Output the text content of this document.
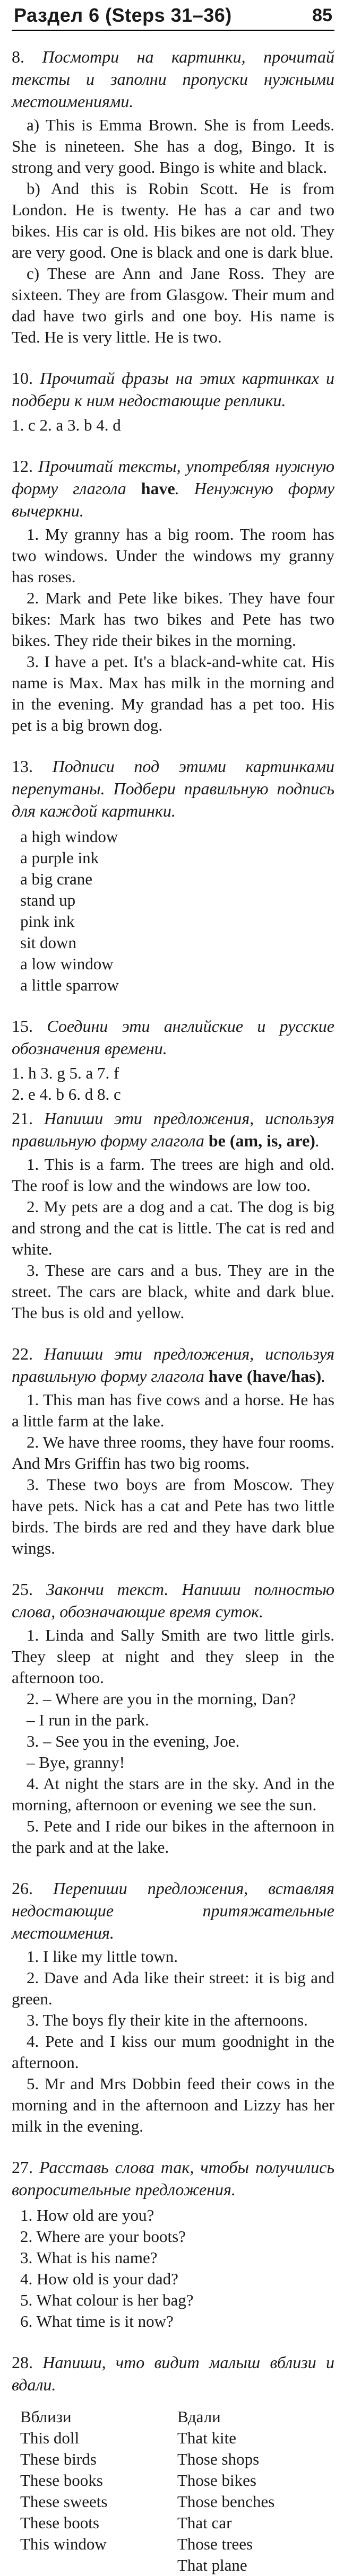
Раздел 6 (Steps 31–36)	85

8. Посмотри на картинки, прочитай тексты и заполни пропуски нужными местоимениями.

a) This is Emma Brown. She is from Leeds. She is nineteen. She has a dog, Bingo. It is strong and very good. Bingo is white and black.

b) And this is Robin Scott. He is from London. He is twenty. He has a car and two bikes. His car is old. His bikes are not old. They are very good. One is black and one is dark blue.

c) These are Ann and Jane Ross. They are sixteen. They are from Glasgow. Their mum and dad have two girls and one boy. His name is Ted. He is very little. He is two.

10. Прочитай фразы на этих картинках и подбери к ним недостающие реплики.

1. c 2. a 3. b 4. d

12. Прочитай тексты, употребляя нужную форму глагола have. Ненужную форму вычеркни.

1. My granny has a big room. The room has two windows. Under the windows my granny has roses.

2. Mark and Pete like bikes. They have four bikes: Mark has two bikes and Pete has two bikes. They ride their bikes in the morning.

3. I have a pet. It's a black-and-white cat. His name is Max. Max has milk in the morning and in the evening. My grandad has a pet too. His pet is a big brown dog.

13. Подписи под этими картинками перепутаны. Подбери правильную подпись для каждой картинки.

a high window
a purple ink
a big crane
stand up
pink ink
sit down
a low window
a little sparrow

15. Соедини эти английские и русские обозначения времени.

1. h 3. g 5. a 7. f

2. e 4. b 6. d 8. c

21. Напиши эти предложения, используя правильную форму глагола be (am, is, are).

1. This is a farm. The trees are high and old. The roof is low and the windows are low too.

2. My pets are a dog and a cat. The dog is big and strong and the cat is little. The cat is red and white.

3. These are cars and a bus. They are in the street. The cars are black, white and dark blue. The bus is old and yellow.

22. Напиши эти предложения, используя правильную форму глагола have (have/has).

1. This man has five cows and a horse. He has a little farm at the lake.

2. We have three rooms, they have four rooms. And Mrs Griffin has two big rooms.

3. These two boys are from Moscow. They have pets. Nick has a cat and Pete has two little birds. The birds are red and they have dark blue wings.

25. Закончи текст. Напиши полностью слова, обозначающие время суток.

1. Linda and Sally Smith are two little girls. They sleep at night and they sleep in the afternoon too.

2. – Where are you in the morning, Dan?

– I run in the park.

3. – See you in the evening, Joe.

– Bye, granny!

4. At night the stars are in the sky. And in the morning, afternoon or evening we see the sun.

5. Pete and I ride our bikes in the afternoon in the park and at the lake.

26. Перепиши предложения, вставляя недостающие притяжательные местоимения.

1. I like my little town.

2. Dave and Ada like their street: it is big and green.

3. The boys fly their kite in the afternoons.

4. Pete and I kiss our mum goodnight in the afternoon.

5. Mr and Mrs Dobbin feed their cows in the morning and in the afternoon and Lizzy has her milk in the evening.

27. Расставь слова так, чтобы получились вопросительные предложения.

1. How old are you?
2. Where are your boots?
3. What is his name?
4. How old is your dad?
5. What colour is her bag?
6. What time is it now?

28. Напиши, что видит малыш вблизи и вдали.

Вблизи
This doll
These birds
These books
These sweets
These boots
This window
Вдали
That kite
Those shops
Those bikes
Those benches
That car
Those trees
That plane
